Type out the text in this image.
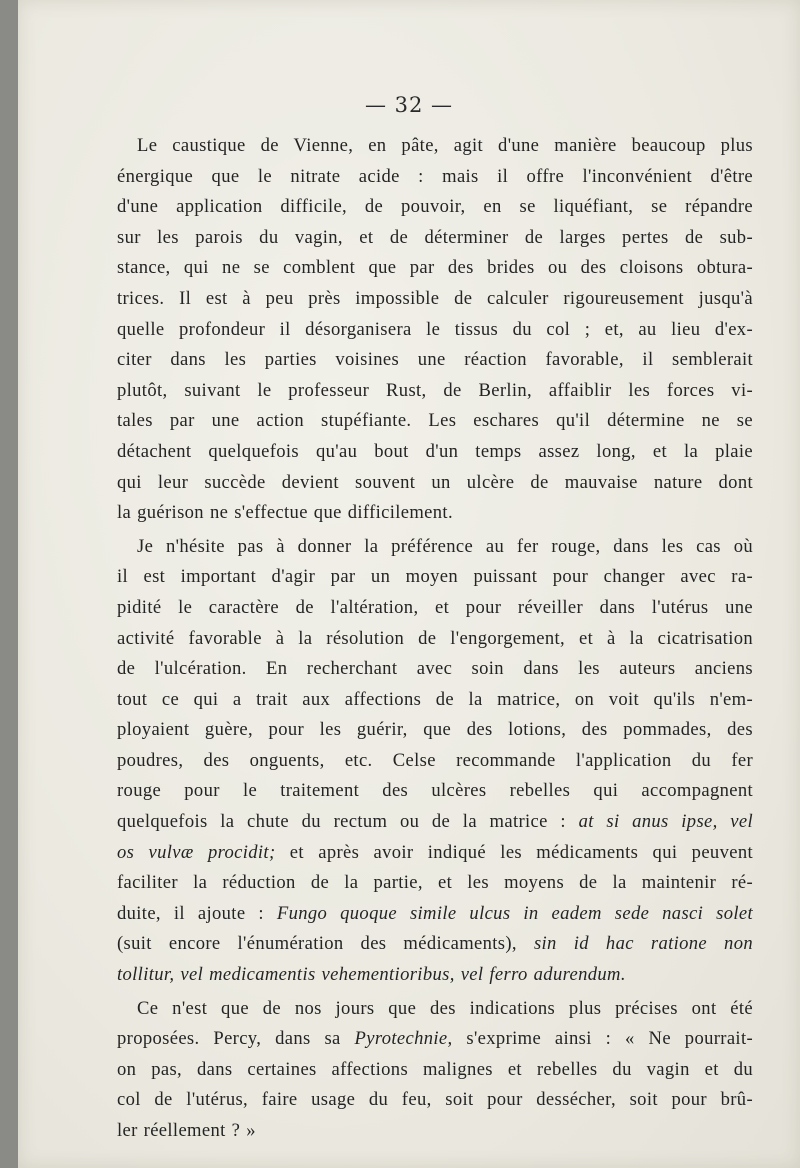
— 32 —
Le caustique de Vienne, en pâte, agit d'une manière beaucoup plus
énergique que le nitrate acide : mais il offre l'inconvénient d'être
d'une application difficile, de pouvoir, en se liquéfiant, se répandre
sur les parois du vagin, et de déterminer de larges pertes de sub-
stance, qui ne se comblent que par des brides ou des cloisons obtura-
trices. Il est à peu près impossible de calculer rigoureusement jusqu'à
quelle profondeur il désorganisera le tissus du col ; et, au lieu d'ex-
citer dans les parties voisines une réaction favorable, il semblerait
plutôt, suivant le professeur Rust, de Berlin, affaiblir les forces vi-
tales par une action stupéfiante. Les eschares qu'il détermine ne se
détachent quelquefois qu'au bout d'un temps assez long, et la plaie
qui leur succède devient souvent un ulcère de mauvaise nature dont
la guérison ne s'effectue que difficilement.
Je n'hésite pas à donner la préférence au fer rouge, dans les cas où
il est important d'agir par un moyen puissant pour changer avec ra-
pidité le caractère de l'altération, et pour réveiller dans l'utérus une
activité favorable à la résolution de l'engorgement, et à la cicatrisation
de l'ulcération. En recherchant avec soin dans les auteurs anciens
tout ce qui a trait aux affections de la matrice, on voit qu'ils n'em-
ployaient guère, pour les guérir, que des lotions, des pommades, des
poudres, des onguents, etc. Celse recommande l'application du fer
rouge pour le traitement des ulcères rebelles qui accompagnent
quelquefois la chute du rectum ou de la matrice : at si anus ipse, vel
os vulvæ procidit; et après avoir indiqué les médicaments qui peuvent
faciliter la réduction de la partie, et les moyens de la maintenir ré-
duite, il ajoute : Fungo quoque simile ulcus in eadem sede nasci solet
(suit encore l'énumération des médicaments), sin id hac ratione non
tollitur, vel medicamentis vehementioribus, vel ferro adurendum.
Ce n'est que de nos jours que des indications plus précises ont été
proposées. Percy, dans sa Pyrotechnie, s'exprime ainsi : « Ne pourrait-
on pas, dans certaines affections malignes et rebelles du vagin et du
col de l'utérus, faire usage du feu, soit pour dessécher, soit pour brû-
ler réellement ? »
